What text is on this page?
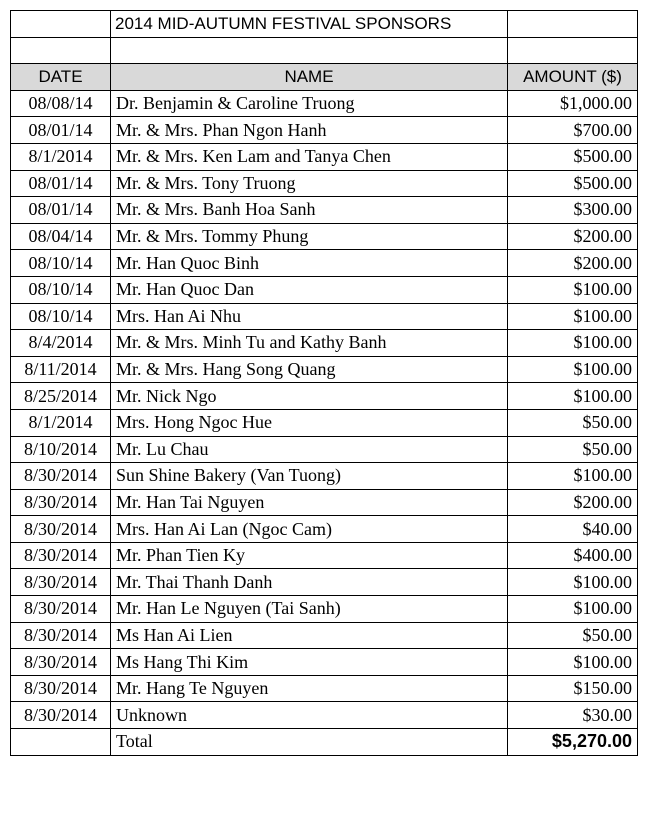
	2014 MID-AUTUMN FESTIVAL SPONSORS	

DATE	NAME	AMOUNT ($)
08/08/14	Dr. Benjamin & Caroline Truong	$1,000.00
08/01/14	Mr. & Mrs. Phan Ngon Hanh	$700.00
8/1/2014	Mr. & Mrs. Ken Lam and Tanya Chen	$500.00
08/01/14	Mr. & Mrs. Tony Truong	$500.00
08/01/14	Mr. & Mrs. Banh Hoa Sanh	$300.00
08/04/14	Mr. & Mrs. Tommy Phung	$200.00
08/10/14	Mr. Han Quoc Binh	$200.00
08/10/14	Mr. Han Quoc Dan	$100.00
08/10/14	Mrs. Han Ai Nhu	$100.00
8/4/2014	Mr. & Mrs. Minh Tu and Kathy Banh	$100.00
8/11/2014	Mr. & Mrs. Hang Song Quang	$100.00
8/25/2014	Mr. Nick Ngo	$100.00
8/1/2014	Mrs. Hong Ngoc Hue	$50.00
8/10/2014	Mr. Lu Chau	$50.00
8/30/2014	Sun Shine Bakery (Van Tuong)	$100.00
8/30/2014	Mr. Han Tai Nguyen	$200.00
8/30/2014	Mrs. Han Ai Lan (Ngoc Cam)	$40.00
8/30/2014	Mr. Phan Tien Ky	$400.00
8/30/2014	Mr. Thai Thanh Danh	$100.00
8/30/2014	Mr. Han Le Nguyen (Tai Sanh)	$100.00
8/30/2014	Ms Han Ai Lien	$50.00
8/30/2014	Ms Hang Thi Kim	$100.00
8/30/2014	Mr. Hang Te Nguyen	$150.00
8/30/2014	Unknown	$30.00
	Total	$5,270.00
